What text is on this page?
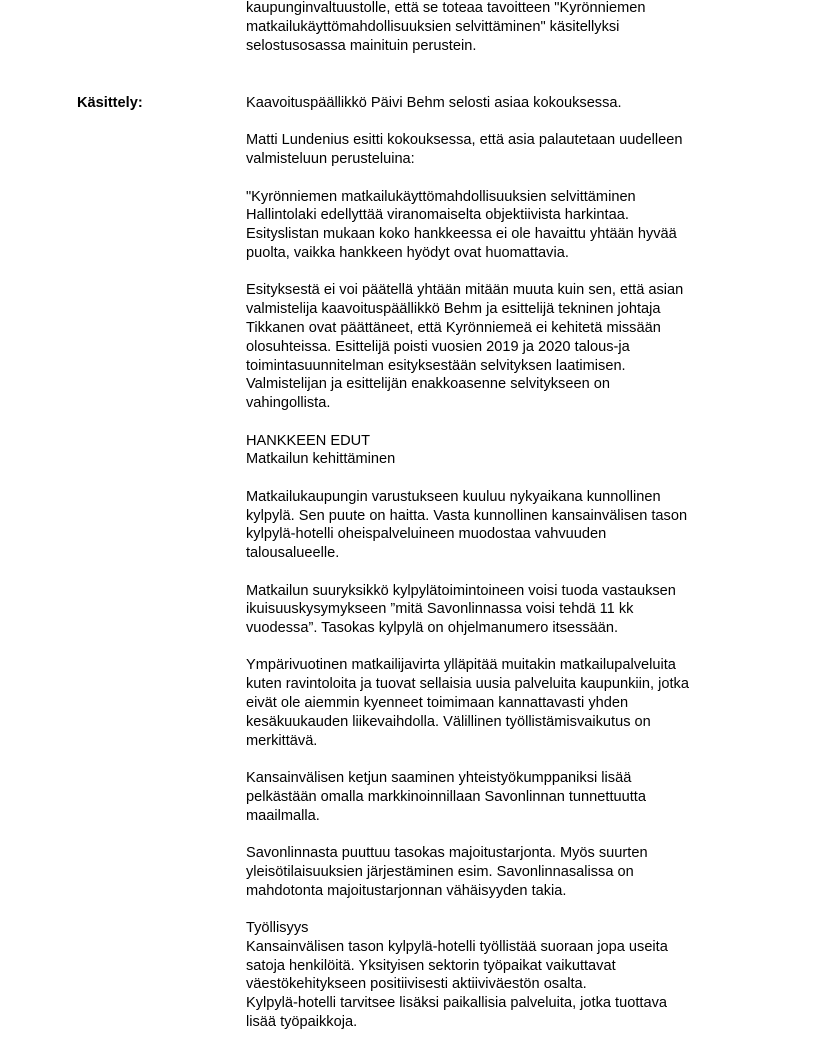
kaupunginvaltuustolle, että se toteaa tavoitteen "Kyrönniemen
matkailukäyttömahdollisuuksien selvittäminen" käsitellyksi
selostusosassa mainituin perustein.
Käsittely:	Kaavoituspäällikkö Päivi Behm selosti asiaa kokouksessa.
Matti Lundenius esitti kokouksessa, että asia palautetaan uudelleen
valmisteluun perusteluina:
"Kyrönniemen matkailukäyttömahdollisuuksien selvittäminen
Hallintolaki edellyttää viranomaiselta objektiivista harkintaa.
Esityslistan mukaan koko hankkeessa ei ole havaittu yhtään hyvää
puolta, vaikka hankkeen hyödyt ovat huomattavia.
Esityksestä ei voi päätellä yhtään mitään muuta kuin sen, että asian
valmistelija kaavoituspäällikkö Behm ja esittelijä tekninen johtaja
Tikkanen ovat päättäneet, että Kyrönniemeä ei kehitetä missään
olosuhteissa. Esittelijä poisti vuosien 2019 ja 2020 talous-ja
toimintasuunnitelman esityksestään selvityksen laatimisen.
Valmistelijan ja esittelijän enakkoasenne selvitykseen on
vahingollista.
HANKKEEN EDUT
Matkailun kehittäminen
Matkailukaupungin varustukseen kuuluu nykyaikana kunnollinen
kylpylä. Sen puute on haitta. Vasta kunnollinen kansainvälisen tason
kylpylä-hotelli oheispalveluineen muodostaa vahvuuden
talousalueelle.
Matkailun suuryksikkö kylpylätoimintoineen voisi tuoda vastauksen
ikuisuuskysymykseen ”mitä Savonlinnassa voisi tehdä 11 kk
vuodessa”. Tasokas kylpylä on ohjelmanumero itsessään.
Ympärivuotinen matkailijavirta ylläpitää muitakin matkailupalveluita
kuten ravintoloita ja tuovat sellaisia uusia palveluita kaupunkiin, jotka
eivät ole aiemmin kyenneet toimimaan kannattavasti yhden
kesäkuukauden liikevaihdolla. Välillinen työllistämisvaikutus on
merkittävä.
Kansainvälisen ketjun saaminen yhteistyökumppaniksi lisää
pelkästään omalla markkinoinnillaan Savonlinnan tunnettuutta
maailmalla.
Savonlinnasta puuttuu tasokas majoitustarjonta. Myös suurten
yleisötilaisuuksien järjestäminen esim. Savonlinnasalissa on
mahdotonta majoitustarjonnan vähäisyyden takia.
Työllisyys
Kansainvälisen tason kylpylä-hotelli työllistää suoraan jopa useita
satoja henkilöitä. Yksityisen sektorin työpaikat vaikuttavat
väestökehitykseen positiivisesti aktiiviväestön osalta.
Kylpylä-hotelli tarvitsee lisäksi paikallisia palveluita, jotka tuottava
lisää työpaikkoja.
